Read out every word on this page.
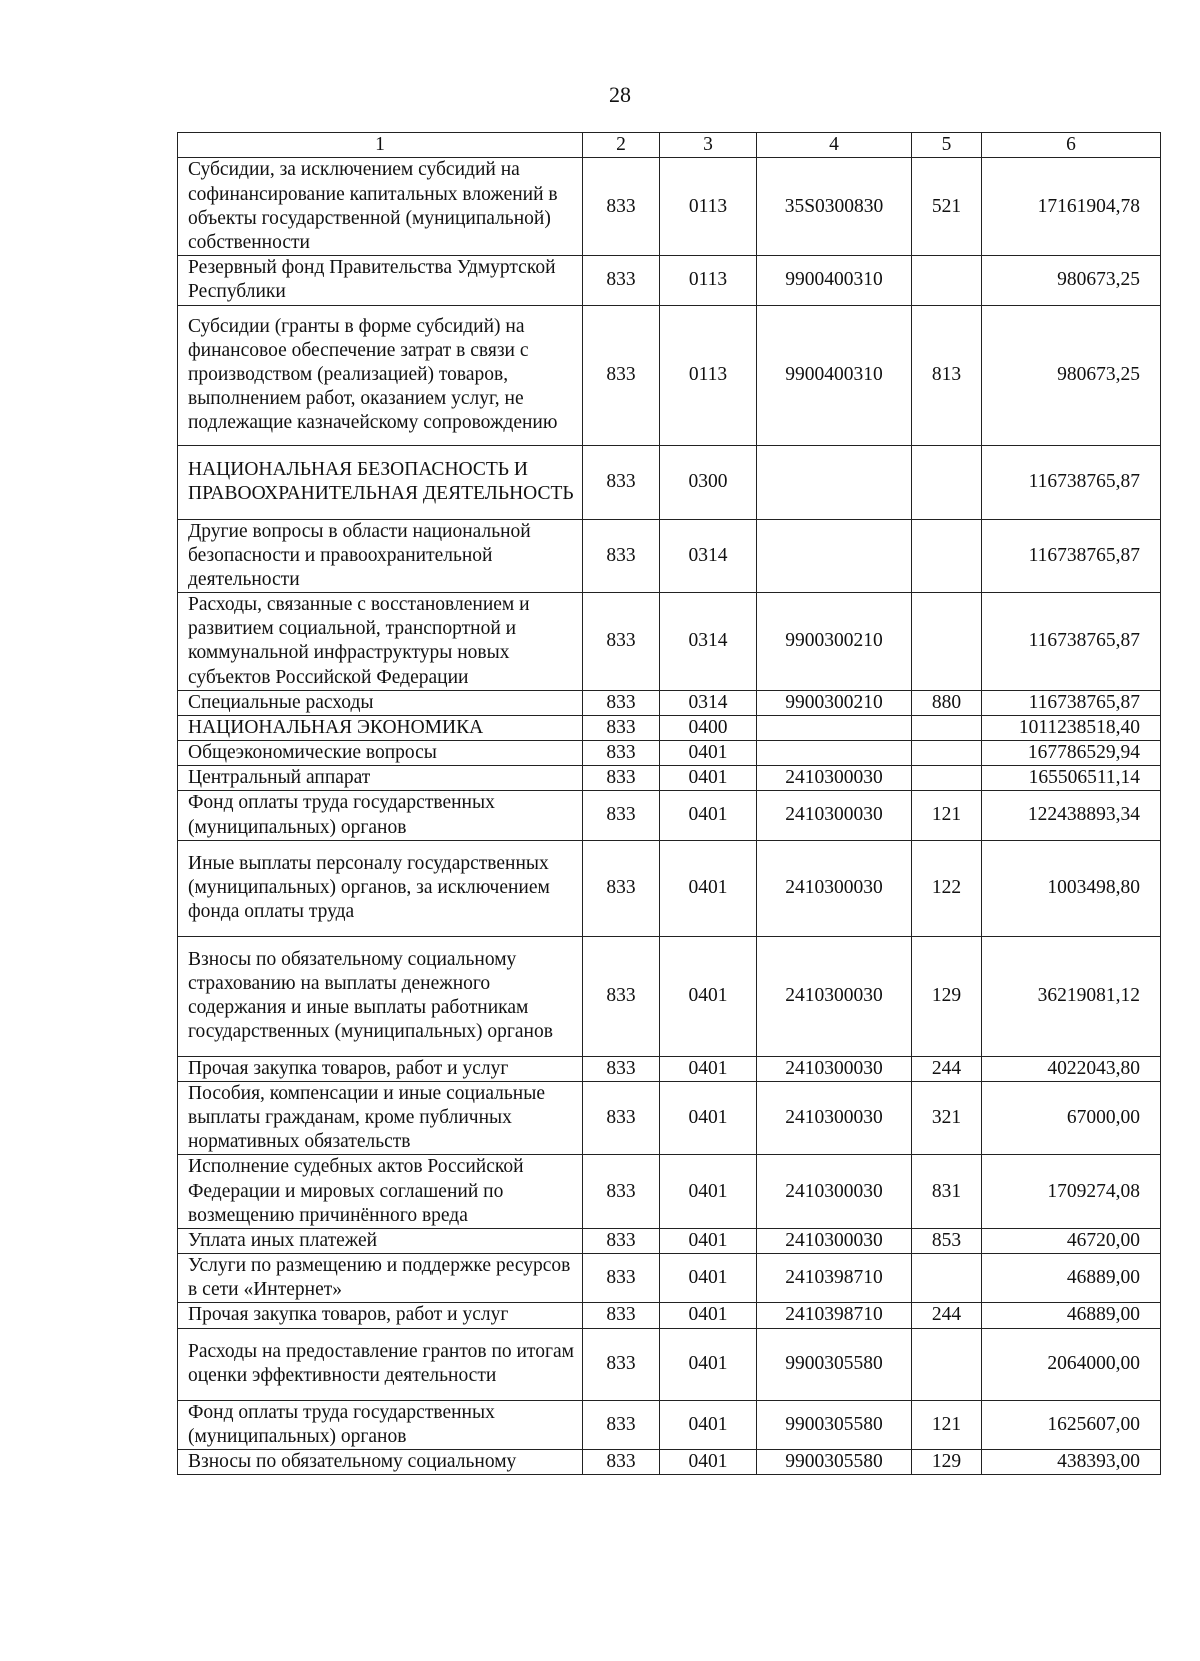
28
1	2	3	4	5	6
Субсидии, за исключением субсидий на софинансирование капитальных вложений в объекты государственной (муниципальной) собственности	833	0113	35S0300830	521	17161904,78
Резервный фонд Правительства Удмуртской Республики	833	0113	9900400310		980673,25
Субсидии (гранты в форме субсидий) на финансовое обеспечение затрат в связи с производством (реализацией) товаров, выполнением работ, оказанием услуг, не подлежащие казначейскому сопровождению	833	0113	9900400310	813	980673,25
НАЦИОНАЛЬНАЯ БЕЗОПАСНОСТЬ И ПРАВООХРАНИТЕЛЬНАЯ ДЕЯТЕЛЬНОСТЬ	833	0300			116738765,87
Другие вопросы в области национальной безопасности и правоохранительной деятельности	833	0314			116738765,87
Расходы, связанные с восстановлением и развитием социальной, транспортной и коммунальной инфраструктуры новых субъектов Российской Федерации	833	0314	9900300210		116738765,87
Специальные расходы	833	0314	9900300210	880	116738765,87
НАЦИОНАЛЬНАЯ ЭКОНОМИКА	833	0400			1011238518,40
Общеэкономические вопросы	833	0401			167786529,94
Центральный аппарат	833	0401	2410300030		165506511,14
Фонд оплаты труда государственных (муниципальных) органов	833	0401	2410300030	121	122438893,34
Иные выплаты персоналу государственных (муниципальных) органов, за исключением фонда оплаты труда	833	0401	2410300030	122	1003498,80
Взносы по обязательному социальному страхованию на выплаты денежного содержания и иные выплаты работникам государственных (муниципальных) органов	833	0401	2410300030	129	36219081,12
Прочая закупка товаров, работ и услуг	833	0401	2410300030	244	4022043,80
Пособия, компенсации и иные социальные выплаты гражданам, кроме публичных нормативных обязательств	833	0401	2410300030	321	67000,00
Исполнение судебных актов Российской Федерации и мировых соглашений по возмещению причинённого вреда	833	0401	2410300030	831	1709274,08
Уплата иных платежей	833	0401	2410300030	853	46720,00
Услуги по размещению и поддержке ресурсов в сети «Интернет»	833	0401	2410398710		46889,00
Прочая закупка товаров, работ и услуг	833	0401	2410398710	244	46889,00
Расходы на предоставление грантов по итогам оценки эффективности деятельности	833	0401	9900305580		2064000,00
Фонд оплаты труда государственных (муниципальных) органов	833	0401	9900305580	121	1625607,00
Взносы по обязательному социальному	833	0401	9900305580	129	438393,00
